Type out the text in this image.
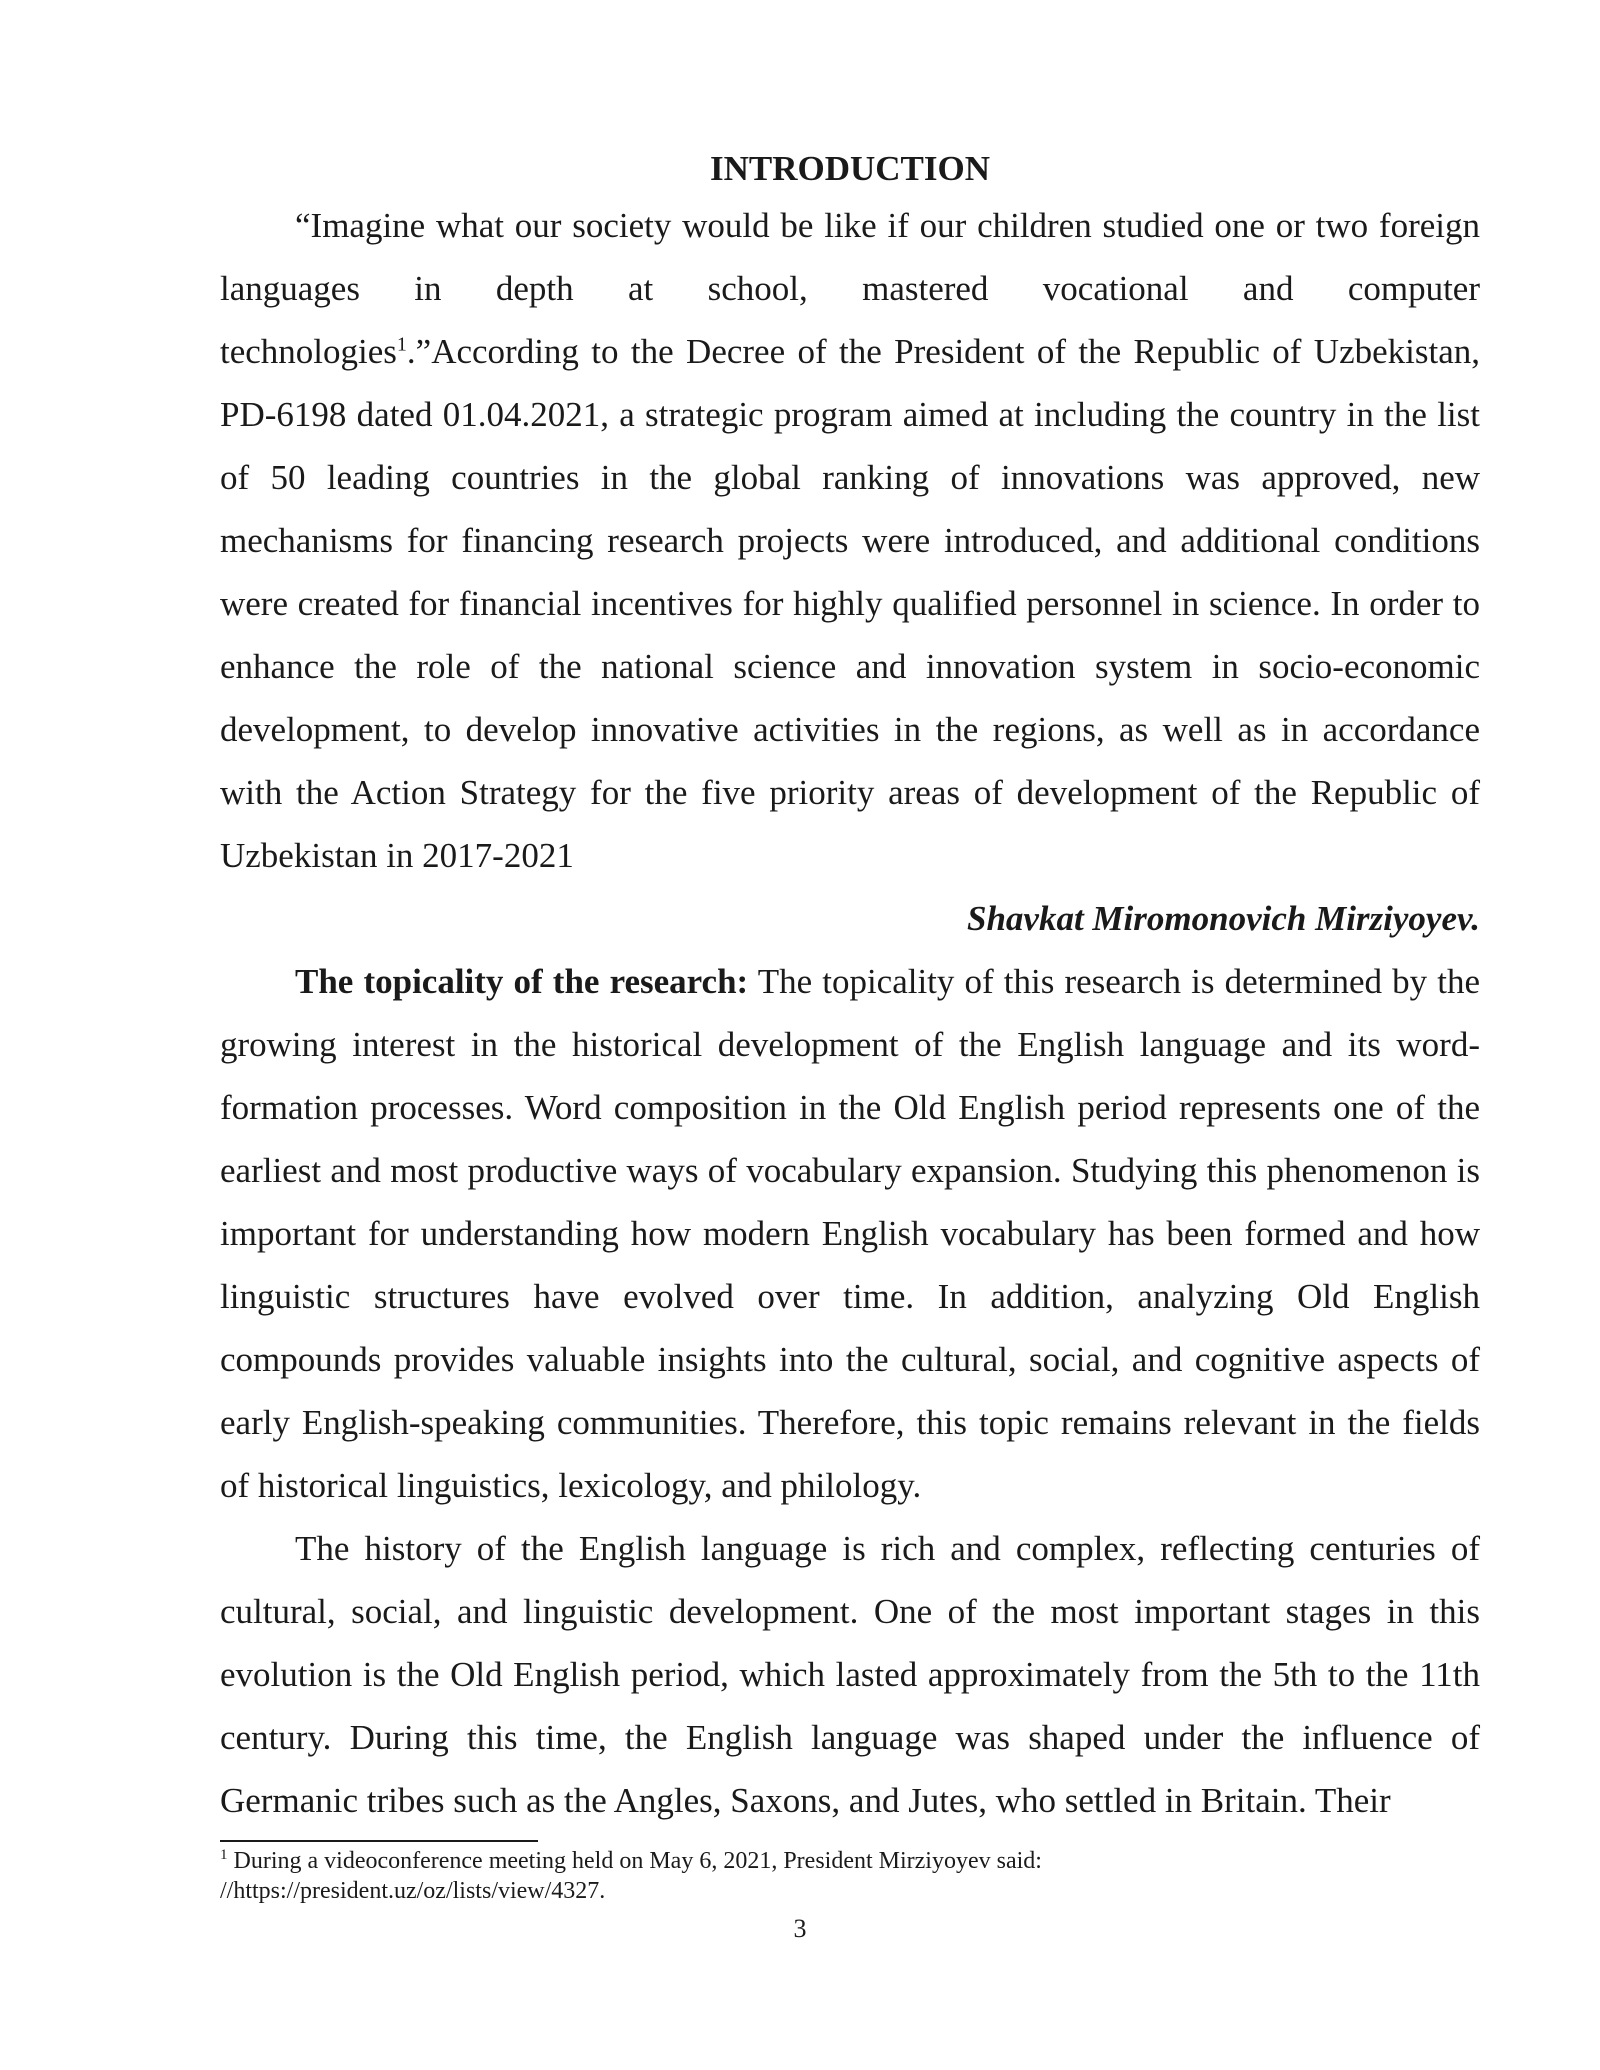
INTRODUCTION

“Imagine what our society would be like if our children studied one or two foreign languages in depth at school, mastered vocational and computer technologies$^1$.”According to the Decree of the President of the Republic of Uzbekistan, PD-6198 dated 01.04.2021, a strategic program aimed at including the country in the list of 50 leading countries in the global ranking of innovations was approved, new mechanisms for financing research projects were introduced, and additional conditions were created for financial incentives for highly qualified personnel in science. In order to enhance the role of the national science and innovation system in socio-economic development, to develop innovative activities in the regions, as well as in accordance with the Action Strategy for the five priority areas of development of the Republic of Uzbekistan in 2017-2021

Shavkat Miromonovich Mirziyoyev.

The topicality of the research: The topicality of this research is determined by the growing interest in the historical development of the English language and its word-formation processes. Word composition in the Old English period represents one of the earliest and most productive ways of vocabulary expansion. Studying this phenomenon is important for understanding how modern English vocabulary has been formed and how linguistic structures have evolved over time. In addition, analyzing Old English compounds provides valuable insights into the cultural, social, and cognitive aspects of early English-speaking communities. Therefore, this topic remains relevant in the fields of historical linguistics, lexicology, and philology.

The history of the English language is rich and complex, reflecting centuries of cultural, social, and linguistic development. One of the most important stages in this evolution is the Old English period, which lasted approximately from the 5th to the 11th century. During this time, the English language was shaped under the influence of Germanic tribes such as the Angles, Saxons, and Jutes, who settled in Britain. Their

$^1$ During a videoconference meeting held on May 6, 2021, President Mirziyoyev said:
//https://president.uz/oz/lists/view/4327.

3
